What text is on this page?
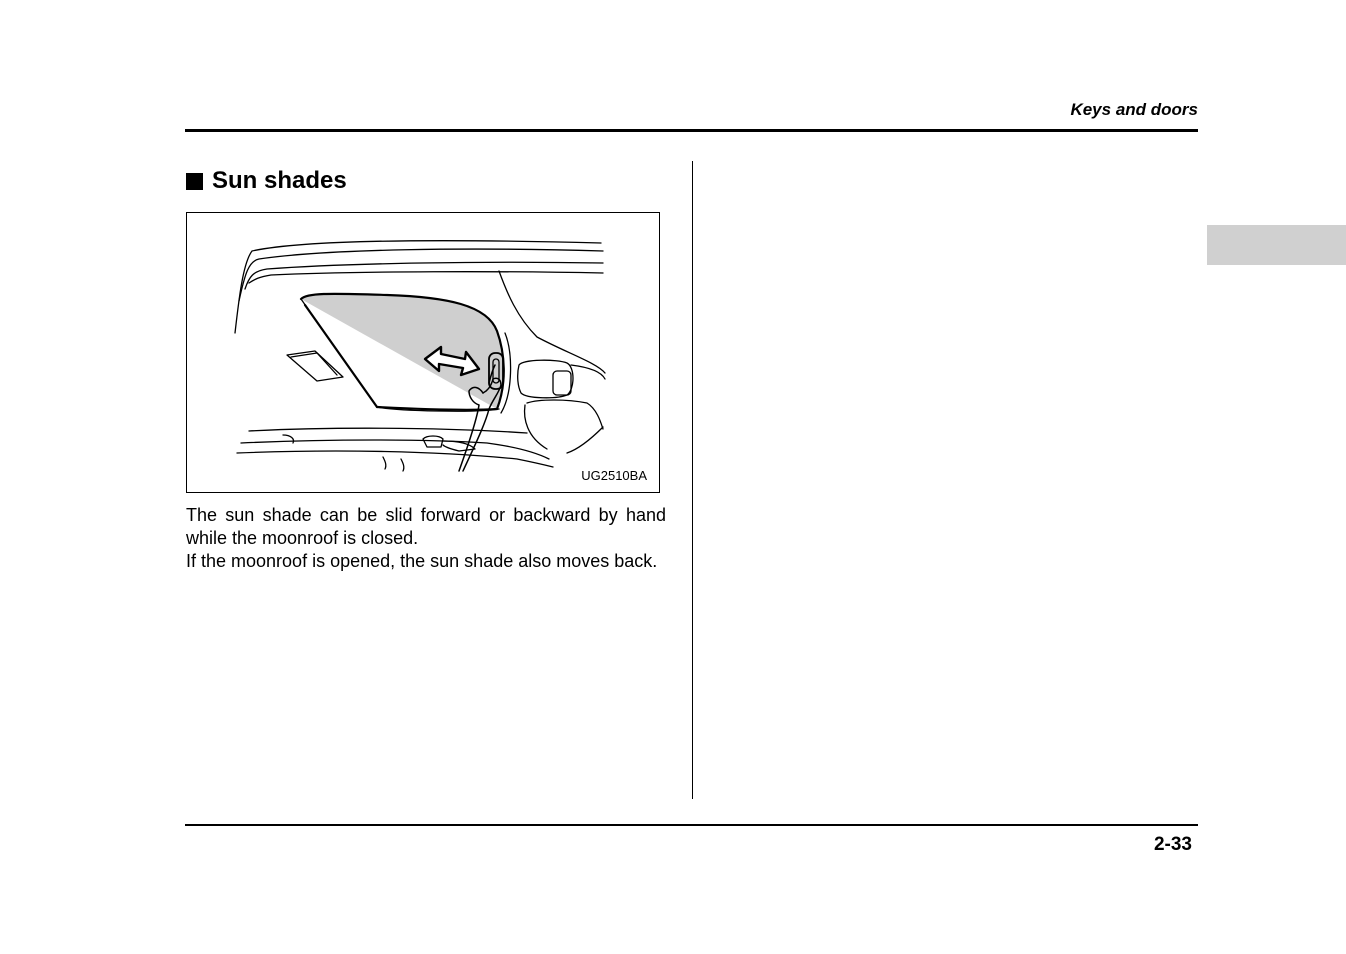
Keys and doors
Sun shades
UG2510BA

The sun shade can be slid forward or backward by hand while the moonroof is closed.

If the moonroof is opened, the sun shade also moves back.

2-33
